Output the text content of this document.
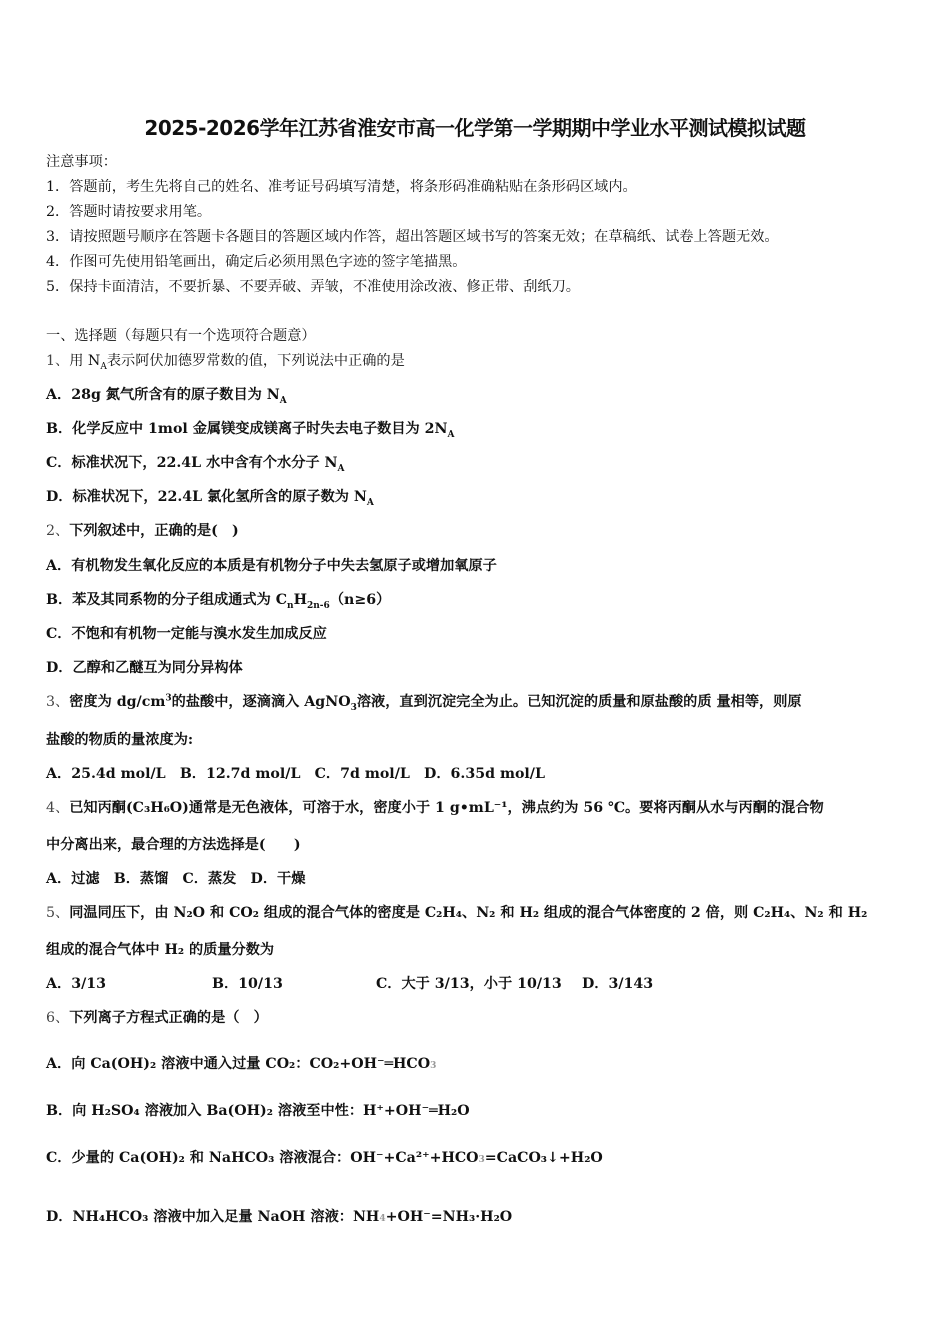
2025-2026学年江苏省淮安市高一化学第一学期期中学业水平测试模拟试题
注意事项：
1．答题前，考生先将自己的姓名、准考证号码填写清楚，将条形码准确粘贴在条形码区域内。
2．答题时请按要求用笔。
3．请按照题号顺序在答题卡各题目的答题区域内作答，超出答题区域书写的答案无效；在草稿纸、试卷上答题无效。
4．作图可先使用铅笔画出，确定后必须用黑色字迹的签字笔描黑。
5．保持卡面清洁，不要折暴、不要弄破、弄皱，不准使用涂改液、修正带、刮纸刀。
一、选择题（每题只有一个选项符合题意）
1、用 $N_A$表示阿伏加德罗常数的值，下列说法中正确的是
A．28g 氮气所含有的原子数目为 $N_A$
B．化学反应中 1mol 金属镁变成镁离子时失去电子数目为 $2N_A$
C．标准状况下，22.4L 水中含有个水分子 $N_A$
D．标准状况下，22.4L 氯化氢所含的原子数为 $N_A$
2、下列叙述中，正确的是(　)
A．有机物发生氧化反应的本质是有机物分子中失去氢原子或增加氧原子
B．苯及其同系物的分子组成通式为 $C_nH_{2n-6}(n\ge 6)$
C．不饱和有机物一定能与溴水发生加成反应
D．乙醇和乙醚互为同分异构体
3、密度为 $dg/cm^3$的盐酸中，逐滴滴入 AgNO$_3$溶液，直到沉淀完全为止。已知沉淀的质量和原盐酸的质 量相等，则原
盐酸的物质的量浓度为:
A．25.4d mol/L　B．12.7d mol/L　C．7d mol/L　D．6.35d mol/L
4、已知丙酮(C₃H₆O)通常是无色液体，可溶于水，密度小于 1 g•mL⁻¹，沸点约为 56 ℃。要将丙酮从水与丙酮的混合物
中分离出来，最合理的方法选择是(　　)
A．过滤　B．蒸馏　C．蒸发　D．干燥
5、同温同压下，由 N₂O 和 CO₂ 组成的混合气体的密度是 C₂H₄、N₂ 和 H₂ 组成的混合气体密度的 2 倍，则 C₂H₄、N₂ 和 H₂
组成的混合气体中 H₂ 的质量分数为
A．3/13	B．10/13	C．大于 3/13，小于 10/13 D．3/143
6、下列离子方程式正确的是（　）
A．向 Ca(OH)₂ 溶液中通入过量 CO₂：CO₂+OH⁻═HCO3
B．向 H₂SO₄ 溶液加入 Ba(OH)₂ 溶液至中性：H⁺+OH⁻═H₂O
C．少量的 Ca(OH)₂ 和 NaHCO₃ 溶液混合：OH⁻+Ca²⁺+HCO3=CaCO₃↓+H₂O
D．NH₄HCO₃ 溶液中加入足量 NaOH 溶液：NH4+OH⁻=NH₃·H₂O
